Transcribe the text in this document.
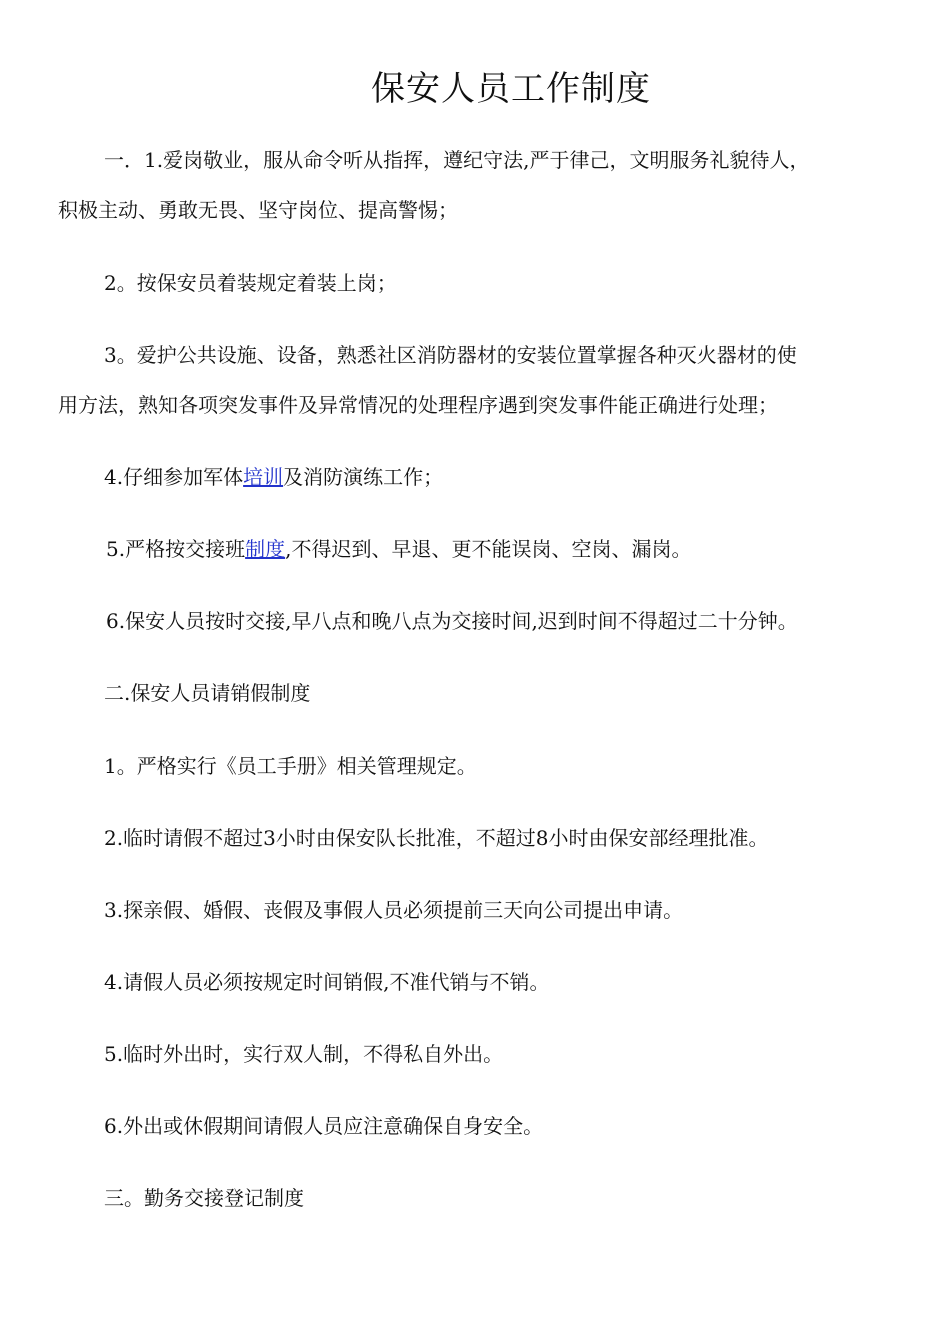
保安人员工作制度
一．1.爱岗敬业，服从命令听从指挥，遵纪守法,严于律己，文明服务礼貌待人，
积极主动、勇敢无畏、坚守岗位、提高警惕；
2。按保安员着装规定着装上岗；
3。爱护公共设施、设备，熟悉社区消防器材的安装位置掌握各种灭火器材的使
用方法，熟知各项突发事件及异常情况的处理程序遇到突发事件能正确进行处理；
4.仔细参加军体培训及消防演练工作；
5.严格按交接班制度,不得迟到、早退、更不能误岗、空岗、漏岗。
6.保安人员按时交接,早八点和晚八点为交接时间,迟到时间不得超过二十分钟。
二.保安人员请销假制度
1。严格实行《员工手册》相关管理规定。
2.临时请假不超过3小时由保安队长批准，不超过8小时由保安部经理批准。
3.探亲假、婚假、丧假及事假人员必须提前三天向公司提出申请。
4.请假人员必须按规定时间销假,不准代销与不销。
5.临时外出时，实行双人制，不得私自外出。
6.外出或休假期间请假人员应注意确保自身安全。
三。勤务交接登记制度
